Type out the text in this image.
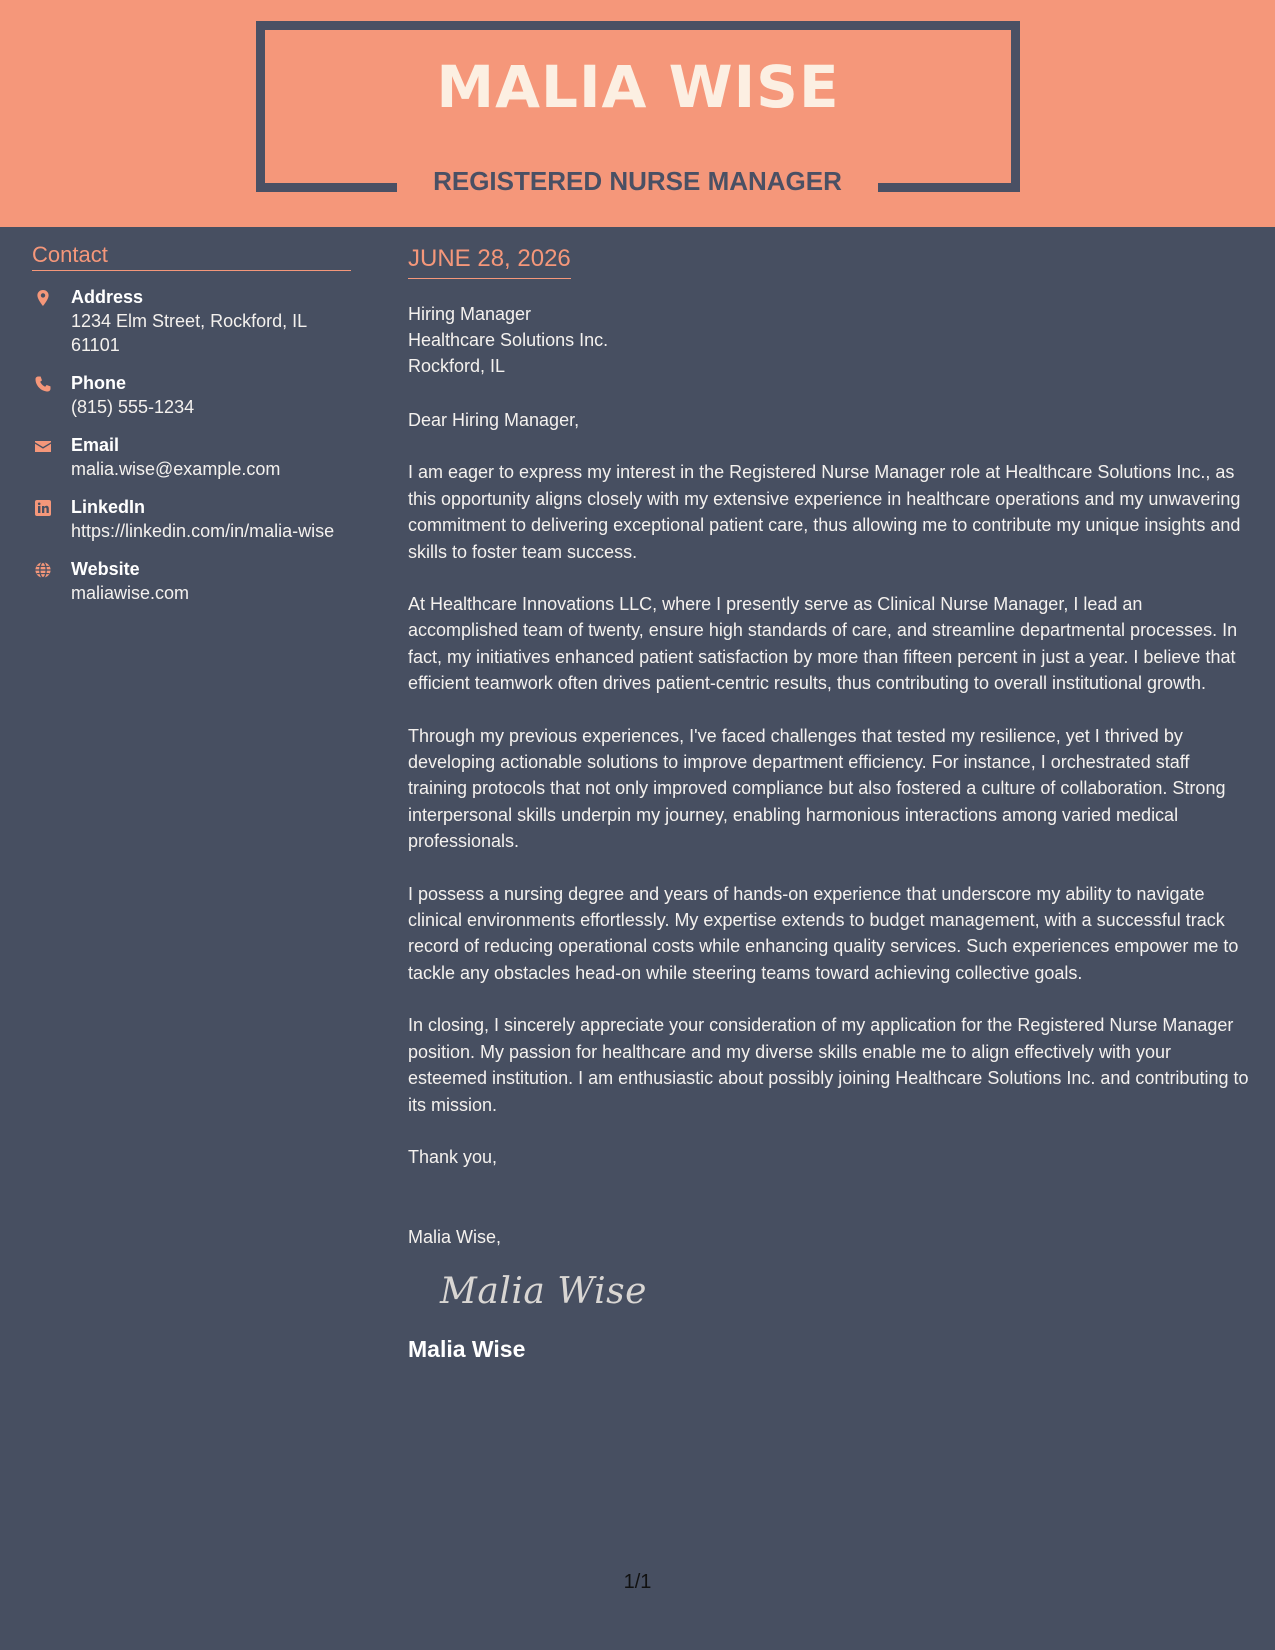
MALIA WISE
REGISTERED NURSE MANAGER
Contact
Address
1234 Elm Street, Rockford, IL 61101
Phone
(815) 555-1234
Email
malia.wise@example.com
LinkedIn
https://linkedin.com/in/malia-wise
Website
maliawise.com
JUNE 28, 2026
Hiring Manager
Healthcare Solutions Inc.
Rockford, IL
Dear Hiring Manager,

I am eager to express my interest in the Registered Nurse Manager role at Healthcare Solutions Inc., as this opportunity aligns closely with my extensive experience in healthcare operations and my unwavering commitment to delivering exceptional patient care, thus allowing me to contribute my unique insights and skills to foster team success.

At Healthcare Innovations LLC, where I presently serve as Clinical Nurse Manager, I lead an accomplished team of twenty, ensure high standards of care, and streamline departmental processes. In fact, my initiatives enhanced patient satisfaction by more than fifteen percent in just a year. I believe that efficient teamwork often drives patient-centric results, thus contributing to overall institutional growth.

Through my previous experiences, I've faced challenges that tested my resilience, yet I thrived by developing actionable solutions to improve department efficiency. For instance, I orchestrated staff training protocols that not only improved compliance but also fostered a culture of collaboration. Strong interpersonal skills underpin my journey, enabling harmonious interactions among varied medical professionals.

I possess a nursing degree and years of hands-on experience that underscore my ability to navigate clinical environments effortlessly. My expertise extends to budget management, with a successful track record of reducing operational costs while enhancing quality services. Such experiences empower me to tackle any obstacles head-on while steering teams toward achieving collective goals.

In closing, I sincerely appreciate your consideration of my application for the Registered Nurse Manager position. My passion for healthcare and my diverse skills enable me to align effectively with your esteemed institution. I am enthusiastic about possibly joining Healthcare Solutions Inc. and contributing to its mission.

Thank you,
Malia Wise,
Malia Wise
Malia Wise
1/1
